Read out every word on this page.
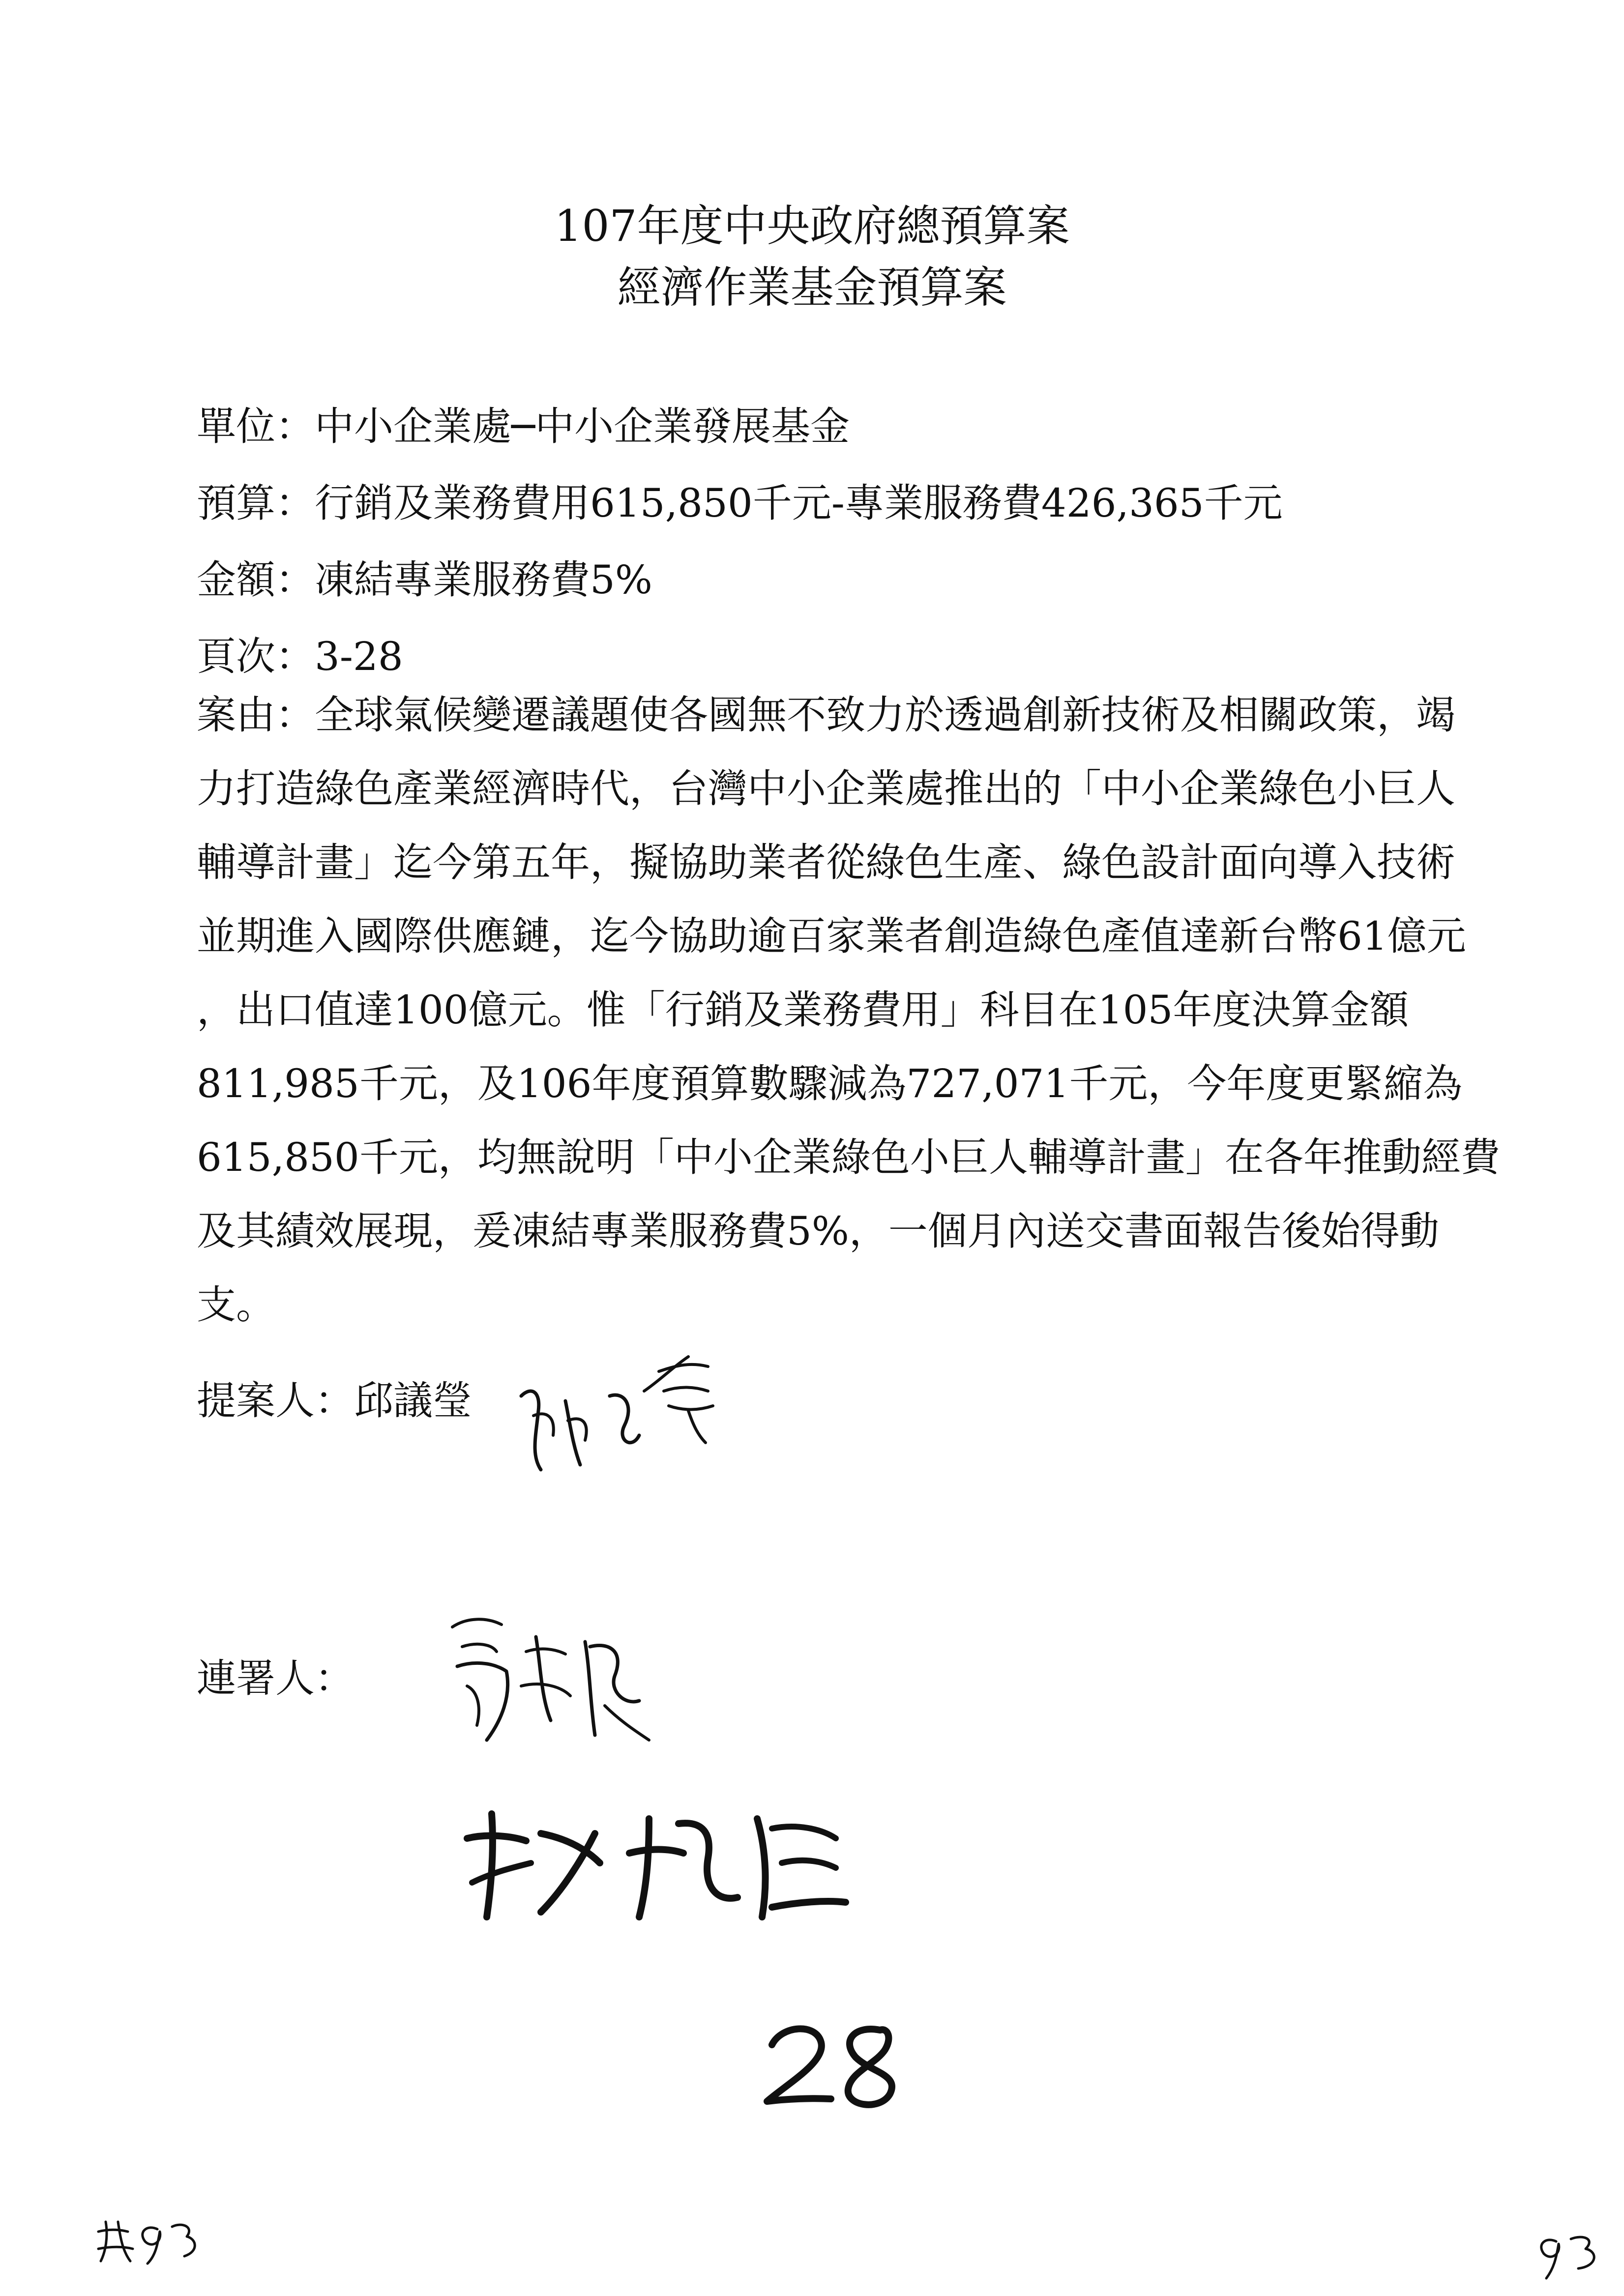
107年度中央政府總預算案
經濟作業基金預算案
單位：中小企業處─中小企業發展基金
預算：行銷及業務費用615,850千元-專業服務費426,365千元
金額：凍結專業服務費5%
頁次：3-28
案由：全球氣候變遷議題使各國無不致力於透過創新技術及相關政策，竭
力打造綠色產業經濟時代，台灣中小企業處推出的「中小企業綠色小巨人
輔導計畫」迄今第五年，擬協助業者從綠色生產、綠色設計面向導入技術
並期進入國際供應鏈，迄今協助逾百家業者創造綠色產值達新台幣61億元
，出口值達100億元。惟「行銷及業務費用」科目在105年度決算金額
811,985千元，及106年度預算數驟減為727,071千元，今年度更緊縮為
615,850千元，均無說明「中小企業綠色小巨人輔導計畫」在各年推動經費
及其績效展現，爰凍結專業服務費5%，一個月內送交書面報告後始得動
支。
提案人：邱議瑩
連署人：
